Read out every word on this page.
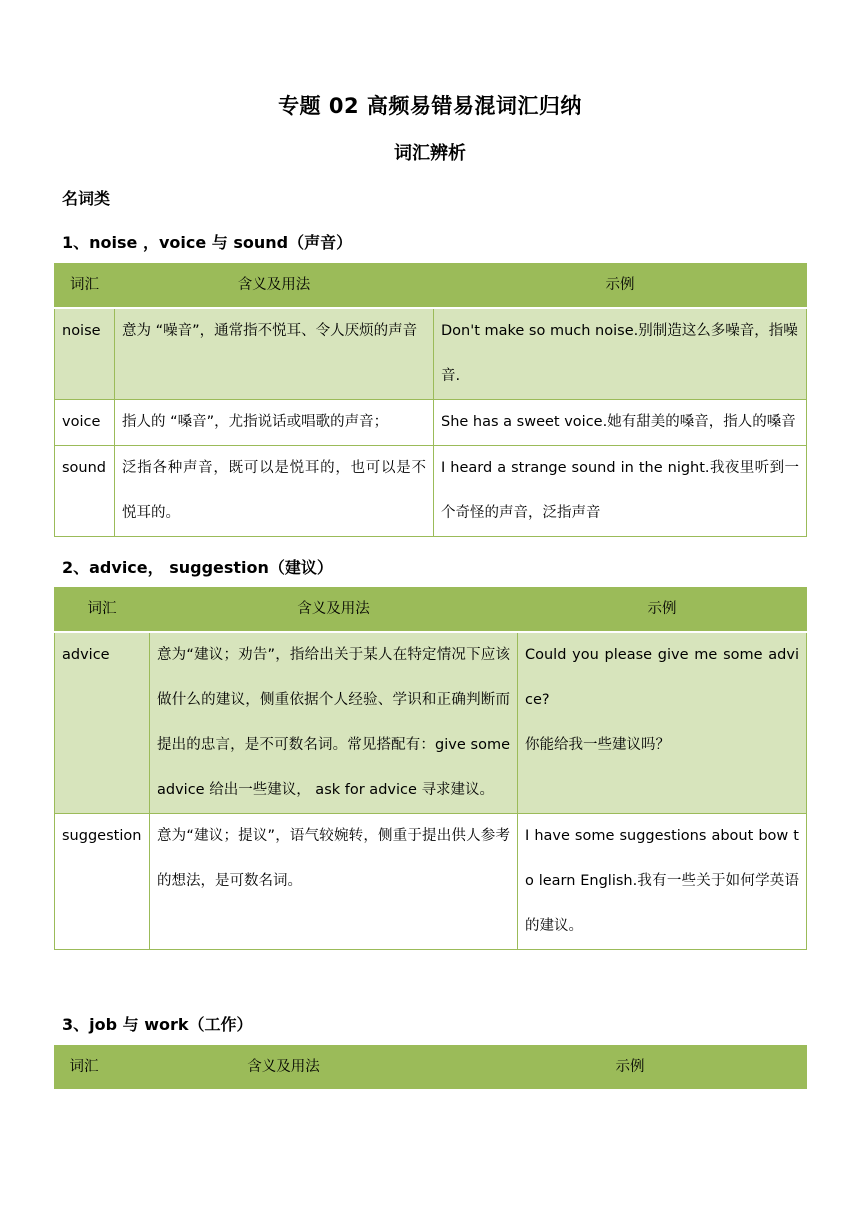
专题 02 高频易错易混词汇归纳
词汇辨析
名词类
1、noise ，voice 与 sound（声音）
词汇	含义及用法	示例
noise	意为 “噪音”，通常指不悦耳、令人厌烦的声音	Don't make so much noise.别制造这么多噪音，指噪音.
voice	指人的 “嗓音”，尤指说话或唱歌的声音；	She has a sweet voice.她有甜美的嗓音，指人的嗓音
sound	泛指各种声音，既可以是悦耳的，也可以是不悦耳的。	I heard a strange sound in the night.我夜里听到一个奇怪的声音，泛指声音
2、advice， suggestion（建议）
词汇	含义及用法	示例
advice	意为“建议；劝告”，指给出关于某人在特定情况下应该做什么的建议，侧重依据个人经验、学识和正确判断而提出的忠言，是不可数名词。常见搭配有：give some advice 给出一些建议， ask for advice 寻求建议。	Could you please give me some advice?
你能给我一些建议吗？

suggestion	意为“建议；提议”，语气较婉转，侧重于提出供人参考的想法，是可数名词。	I have some suggestions about bow to learn English.我有一些关于如何学英语的建议。
3、job 与 work（工作）
词汇	含义及用法	示例
